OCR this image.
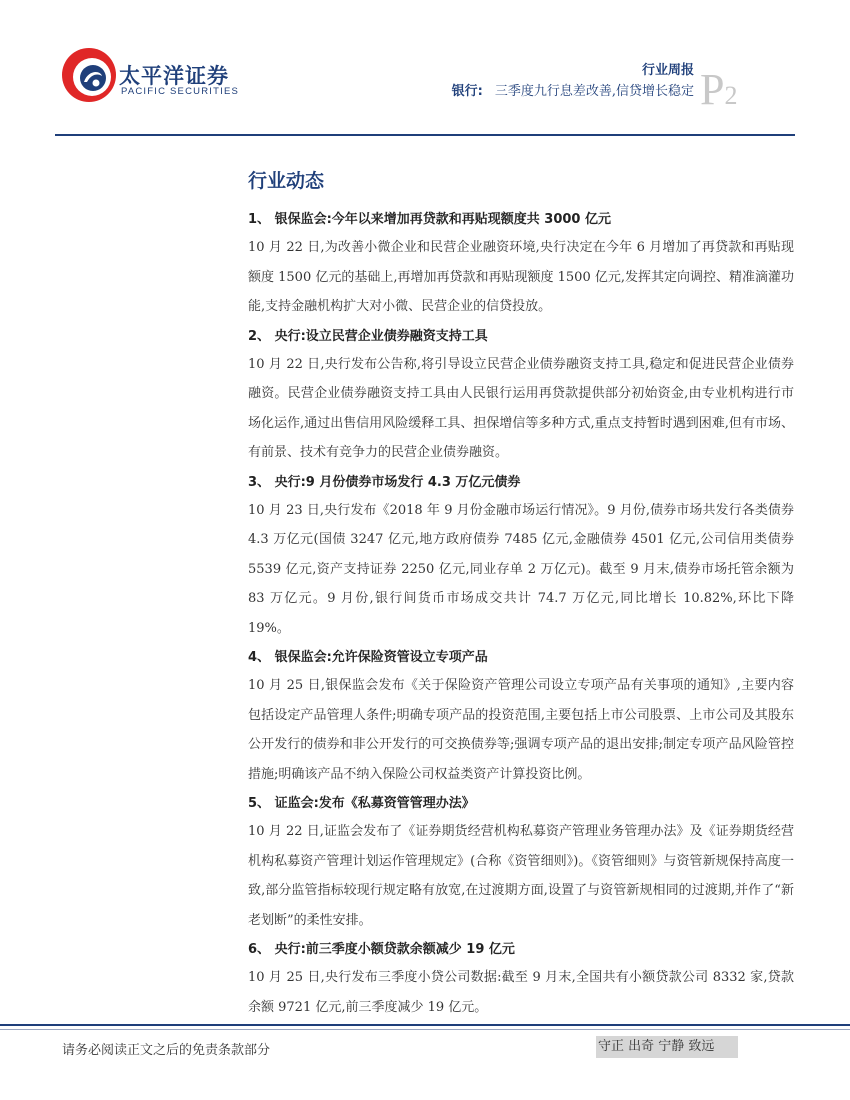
太平洋证券
PACIFIC SECURITIES
行业周报
银行: 三季度九行息差改善,信贷增长稳定 P2
行业动态
1、 银保监会:今年以来增加再贷款和再贴现额度共 3000 亿元

10 月 22 日,为改善小微企业和民营企业融资环境,央行决定在今年 6 月增加了再贷款和再贴现额度 1500 亿元的基础上,再增加再贷款和再贴现额度 1500 亿元,发挥其定向调控、精准滴灌功能,支持金融机构扩大对小微、民营企业的信贷投放。

2、 央行:设立民营企业债券融资支持工具

10 月 22 日,央行发布公告称,将引导设立民营企业债券融资支持工具,稳定和促进民营企业债券融资。民营企业债券融资支持工具由人民银行运用再贷款提供部分初始资金,由专业机构进行市场化运作,通过出售信用风险缓释工具、担保增信等多种方式,重点支持暂时遇到困难,但有市场、有前景、技术有竞争力的民营企业债券融资。

3、 央行:9 月份债券市场发行 4.3 万亿元债券

10 月 23 日,央行发布《2018 年 9 月份金融市场运行情况》。9 月份,债券市场共发行各类债券 4.3 万亿元(国债 3247 亿元,地方政府债券 7485 亿元,金融债券 4501 亿元,公司信用类债券 5539 亿元,资产支持证券 2250 亿元,同业存单 2 万亿元)。截至 9 月末,债券市场托管余额为 83 万亿元。9 月份,银行间货币市场成交共计 74.7 万亿元,同比增长 10.82%,环比下降 19%。

4、 银保监会:允许保险资管设立专项产品

10 月 25 日,银保监会发布《关于保险资产管理公司设立专项产品有关事项的通知》,主要内容包括设定产品管理人条件;明确专项产品的投资范围,主要包括上市公司股票、上市公司及其股东公开发行的债券和非公开发行的可交换债券等;强调专项产品的退出安排;制定专项产品风险管控措施;明确该产品不纳入保险公司权益类资产计算投资比例。

5、 证监会:发布《私募资管管理办法》

10 月 22 日,证监会发布了《证券期货经营机构私募资产管理业务管理办法》及《证券期货经营机构私募资产管理计划运作管理规定》(合称《资管细则》)。《资管细则》与资管新规保持高度一致,部分监管指标较现行规定略有放宽,在过渡期方面,设置了与资管新规相同的过渡期,并作了“新老划断”的柔性安排。

6、 央行:前三季度小额贷款余额减少 19 亿元

10 月 25 日,央行发布三季度小贷公司数据:截至 9 月末,全国共有小额贷款公司 8332 家,贷款余额 9721 亿元,前三季度减少 19 亿元。

请务必阅读正文之后的免责条款部分	守正 出奇 宁静 致远
